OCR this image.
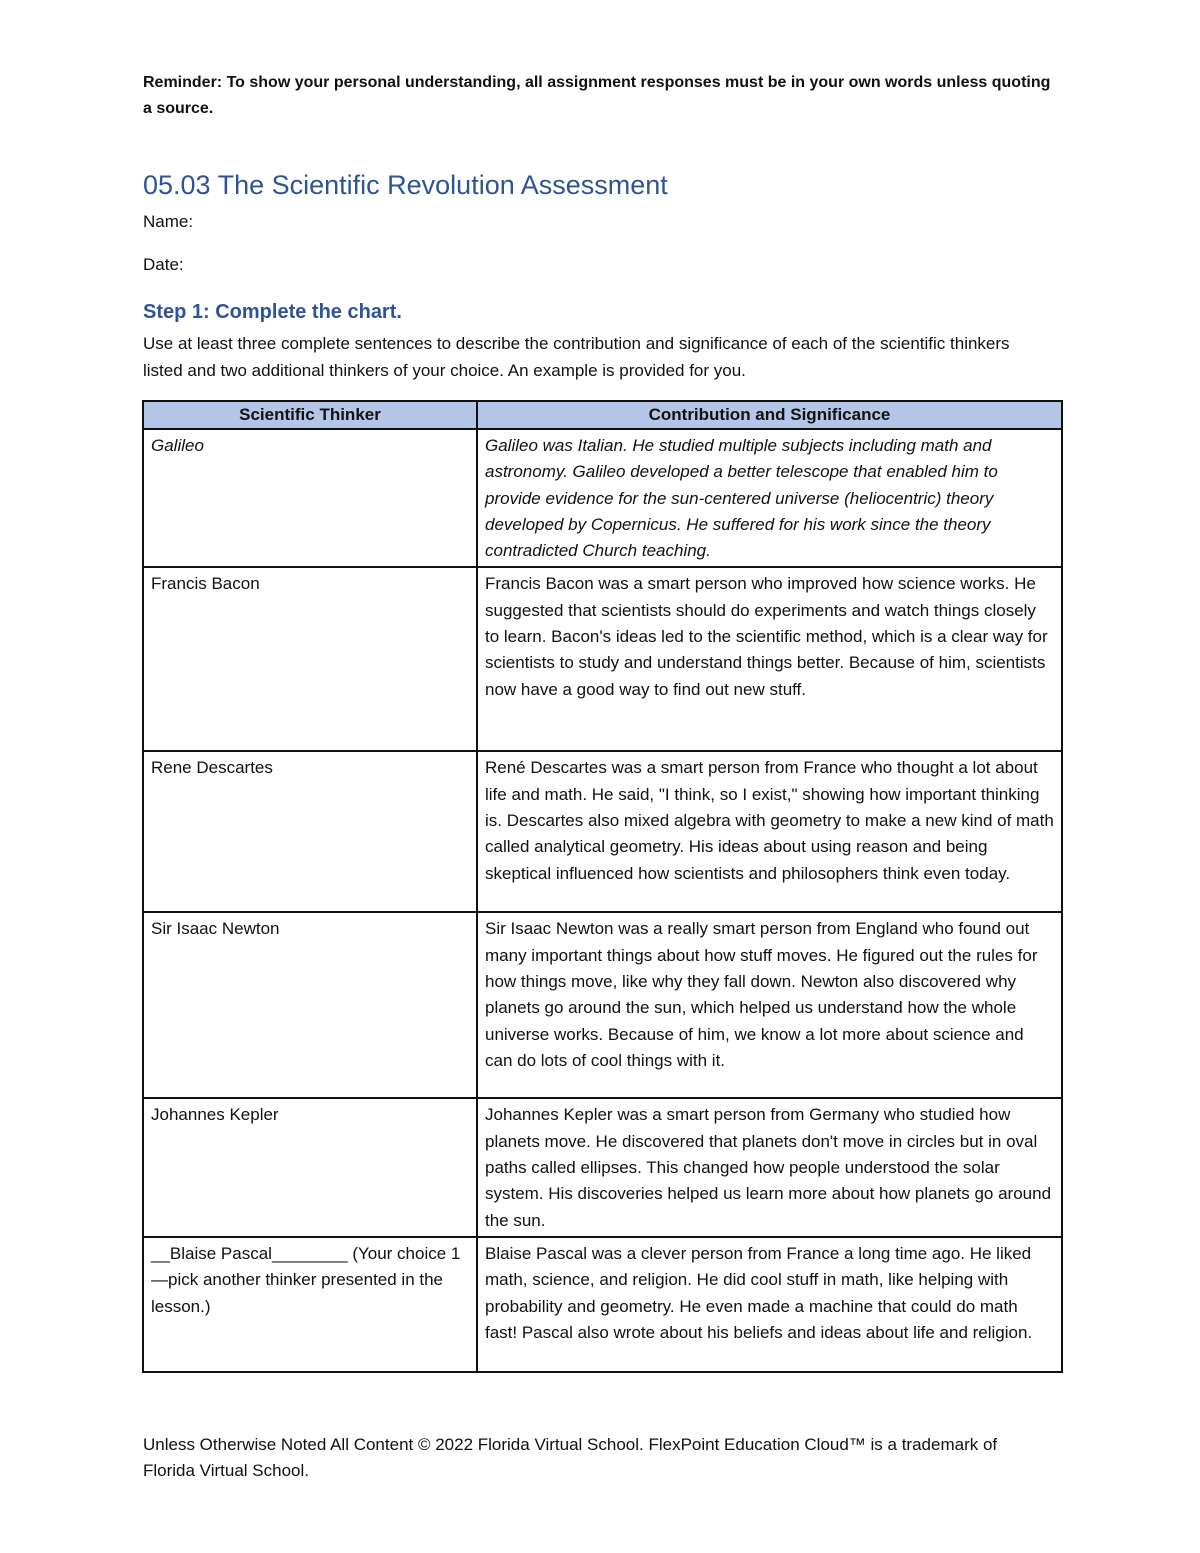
Reminder: To show your personal understanding, all assignment responses must be in your own words unless quoting a source.
05.03 The Scientific Revolution Assessment
Name:
Date:
Step 1: Complete the chart.
Use at least three complete sentences to describe the contribution and significance of each of the scientific thinkers listed and two additional thinkers of your choice. An example is provided for you.
Scientific Thinker	Contribution and Significance
Galileo	Galileo was Italian. He studied multiple subjects including math and astronomy. Galileo developed a better telescope that enabled him to provide evidence for the sun-centered universe (heliocentric) theory developed by Copernicus. He suffered for his work since the theory contradicted Church teaching.
Francis Bacon	Francis Bacon was a smart person who improved how science works. He suggested that scientists should do experiments and watch things closely to learn. Bacon's ideas led to the scientific method, which is a clear way for scientists to study and understand things better. Because of him, scientists now have a good way to find out new stuff.
Rene Descartes	René Descartes was a smart person from France who thought a lot about life and math. He said, "I think, so I exist," showing how important thinking is. Descartes also mixed algebra with geometry to make a new kind of math called analytical geometry. His ideas about using reason and being skeptical influenced how scientists and philosophers think even today.
Sir Isaac Newton	Sir Isaac Newton was a really smart person from England who found out many important things about how stuff moves. He figured out the rules for how things move, like why they fall down. Newton also discovered why planets go around the sun, which helped us understand how the whole universe works. Because of him, we know a lot more about science and can do lots of cool things with it.
Johannes Kepler	Johannes Kepler was a smart person from Germany who studied how planets move. He discovered that planets don't move in circles but in oval paths called ellipses. This changed how people understood the solar system. His discoveries helped us learn more about how planets go around the sun.
__Blaise Pascal________ (Your choice 1—pick another thinker presented in the lesson.)	Blaise Pascal was a clever person from France a long time ago. He liked math, science, and religion. He did cool stuff in math, like helping with probability and geometry. He even made a machine that could do math fast! Pascal also wrote about his beliefs and ideas about life and religion.
Unless Otherwise Noted All Content © 2022 Florida Virtual School. FlexPoint Education Cloud™ is a trademark of Florida Virtual School.
